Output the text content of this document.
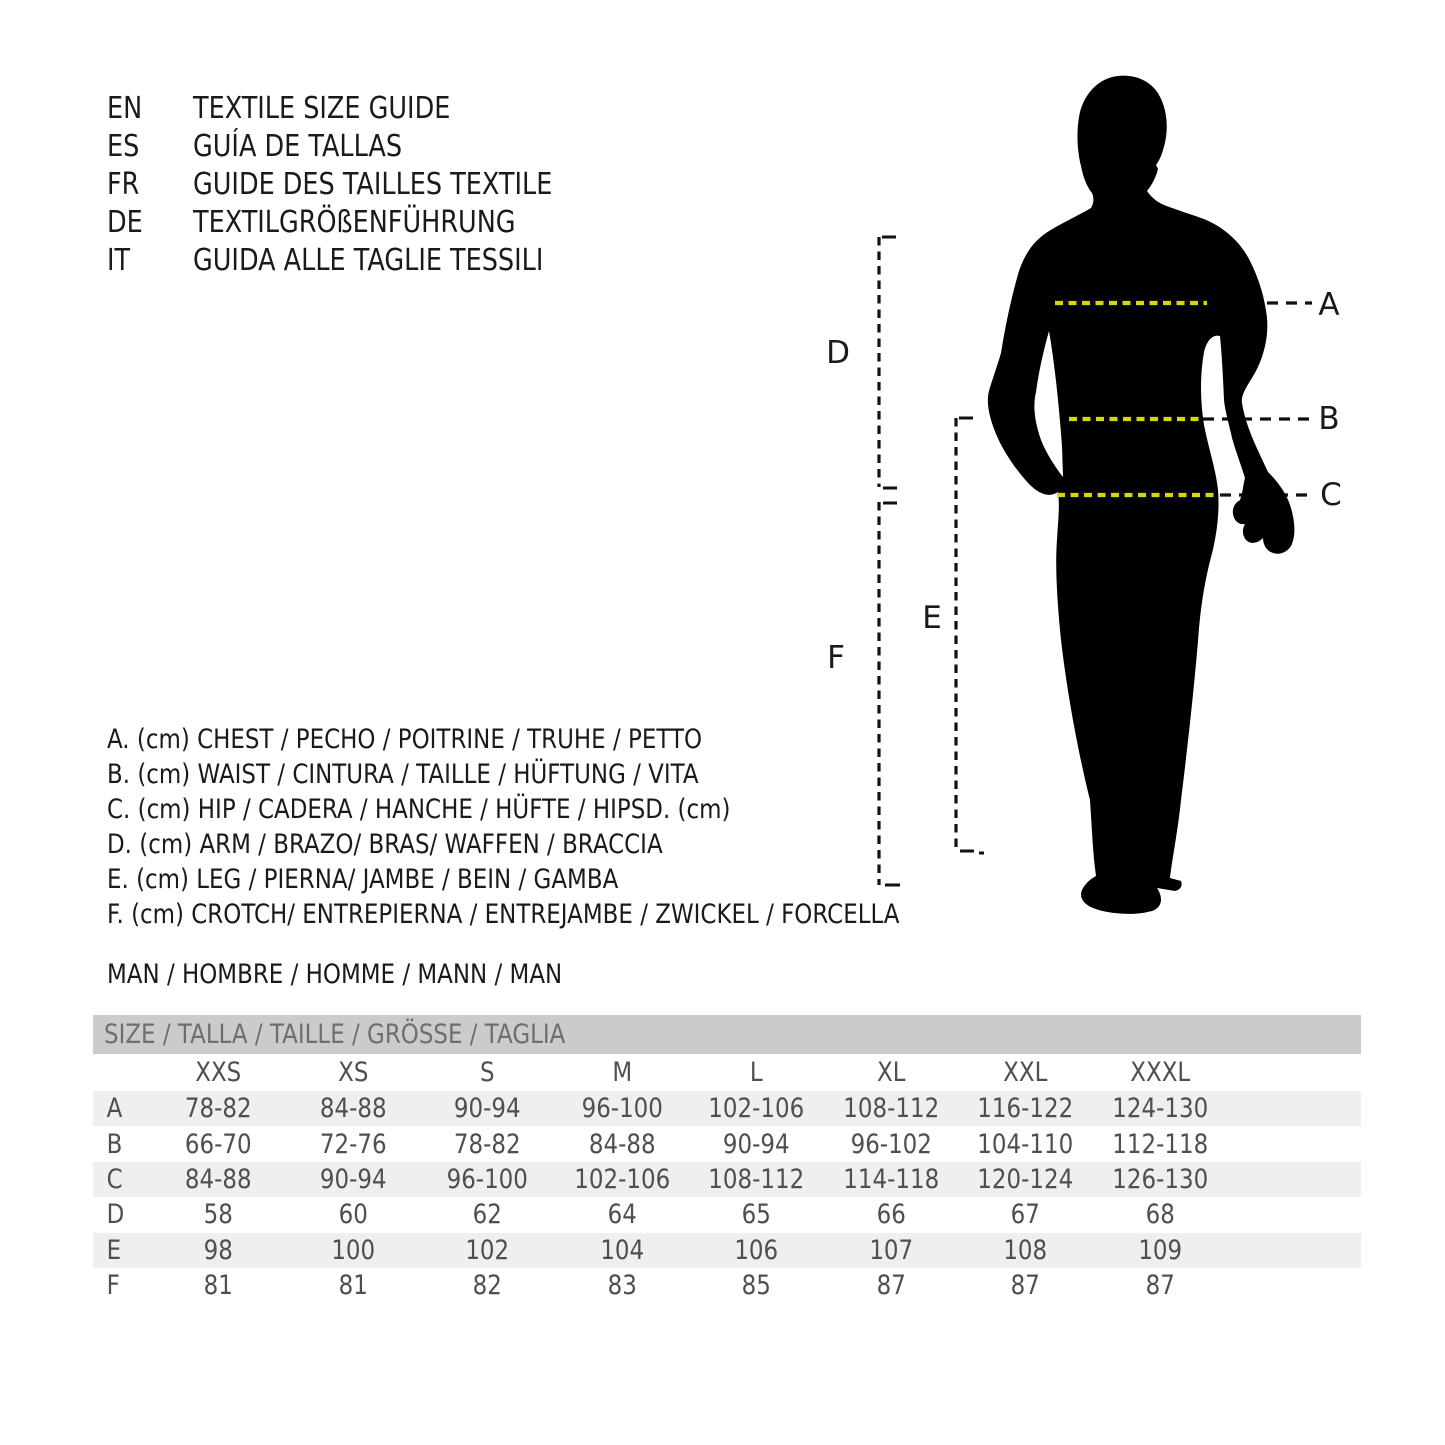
EN TEXTILE SIZE GUIDE
ES GUÍA DE TALLAS
FR GUIDE DES TAILLES TEXTILE
DE TEXTILGRÖßENFÜHRUNG
IT GUIDA ALLE TAGLIE TESSILI
A. (cm) CHEST / PECHO / POITRINE / TRUHE / PETTO
B. (cm) WAIST / CINTURA / TAILLE / HÜFTUNG / VITA
C. (cm) HIP / CADERA / HANCHE / HÜFTE / HIPSD. (cm)
D. (cm) ARM / BRAZO/ BRAS/ WAFFEN / BRACCIA
E. (cm) LEG / PIERNA/ JAMBE / BEIN / GAMBA
F. (cm) CROTCH/ ENTREPIERNA / ENTREJAMBE / ZWICKEL / FORCELLA
MAN / HOMBRE / HOMME / MANN / MAN
A
B
C
D
E
F
SIZE / TALLA / TAILLE / GRÖSSE / TAGLIA
XXS	XS	S	M	L	XL	XXL	XXXL
A	78-82	84-88	90-94	96-100	102-106	108-112	116-122	124-130
B	66-70	72-76	78-82	84-88	90-94	96-102	104-110	112-118
C	84-88	90-94	96-100	102-106	108-112	114-118	120-124	126-130
D	58	60	62	64	65	66	67	68
E	98	100	102	104	106	107	108	109
F	81	81	82	83	85	87	87	87
